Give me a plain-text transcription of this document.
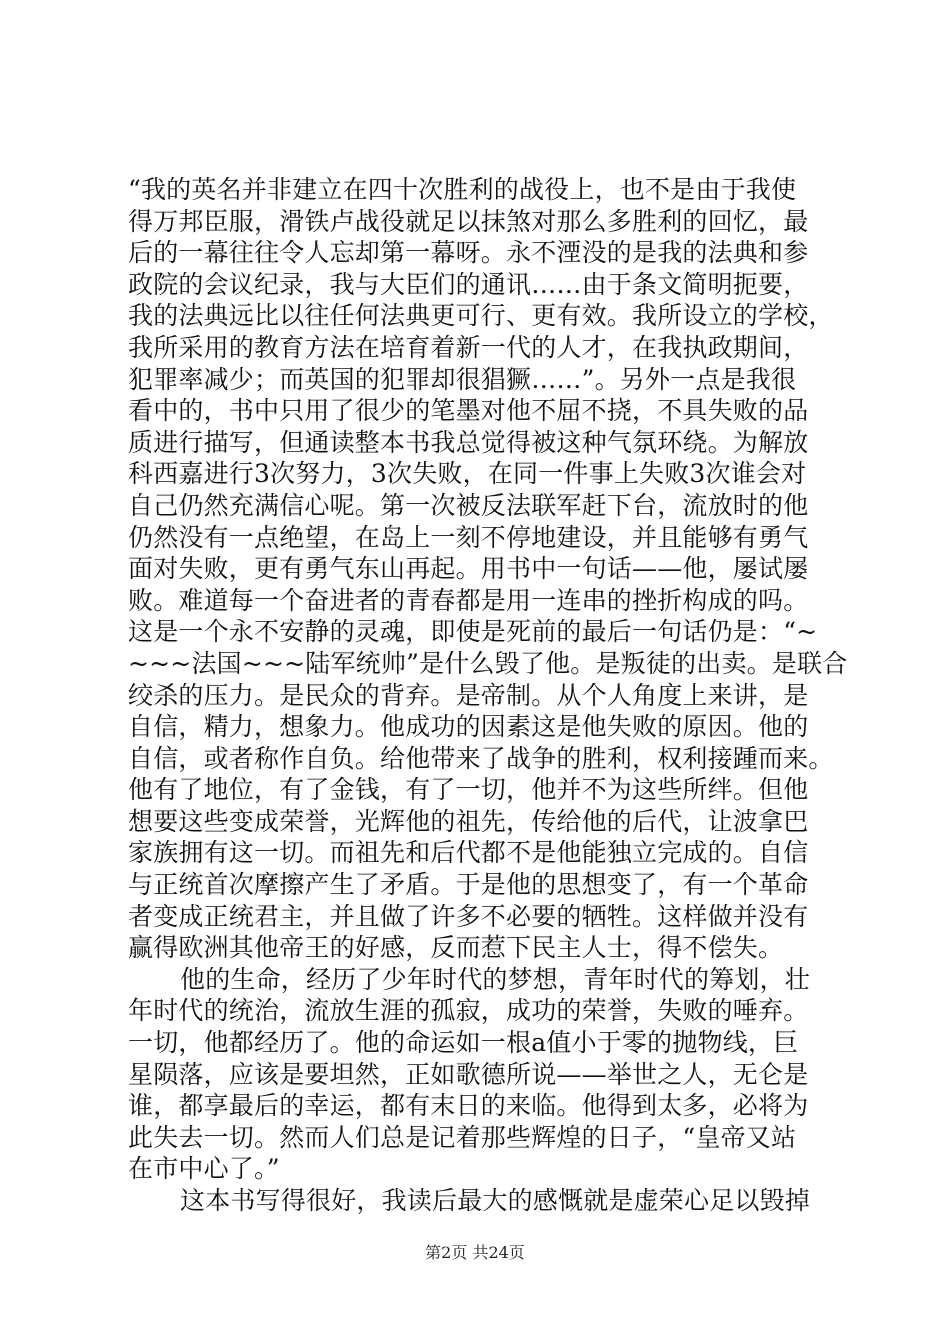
“我的英名并非建立在四十次胜利的战役上，也不是由于我使
得万邦臣服，滑铁卢战役就足以抹煞对那么多胜利的回忆，最
后的一幕往往令人忘却第一幕呀。永不湮没的是我的法典和参
政院的会议纪录，我与大臣们的通讯……由于条文简明扼要，
我的法典远比以往任何法典更可行、更有效。我所设立的学校，
我所采用的教育方法在培育着新一代的人才，在我执政期间，
犯罪率减少；而英国的犯罪却很猖獗……”。另外一点是我很
看中的，书中只用了很少的笔墨对他不屈不挠，不具失败的品
质进行描写，但通读整本书我总觉得被这种气氛环绕。为解放
科西嘉进行3次努力，3次失败，在同一件事上失败3次谁会对
自己仍然充满信心呢。第一次被反法联军赶下台，流放时的他
仍然没有一点绝望，在岛上一刻不停地建设，并且能够有勇气
面对失败，更有勇气东山再起。用书中一句话——他，屡试屡
败。难道每一个奋进者的青春都是用一连串的挫折构成的吗。
这是一个永不安静的灵魂，即使是死前的最后一句话仍是：“~
~~~法国~~~陆军统帅”是什么毁了他。是叛徒的出卖。是联合
绞杀的压力。是民众的背弃。是帝制。从个人角度上来讲，是
自信，精力，想象力。他成功的因素这是他失败的原因。他的
自信，或者称作自负。给他带来了战争的胜利，权利接踵而来。
他有了地位，有了金钱，有了一切，他并不为这些所绊。但他
想要这些变成荣誉，光辉他的祖先，传给他的后代，让波拿巴
家族拥有这一切。而祖先和后代都不是他能独立完成的。自信
与正统首次摩擦产生了矛盾。于是他的思想变了，有一个革命
者变成正统君主，并且做了许多不必要的牺牲。这样做并没有
赢得欧洲其他帝王的好感，反而惹下民主人士，得不偿失。
他的生命，经历了少年时代的梦想，青年时代的筹划，壮
年时代的统治，流放生涯的孤寂，成功的荣誉，失败的唾弃。
一切，他都经历了。他的命运如一根a值小于零的抛物线，巨
星陨落，应该是要坦然，正如歌德所说——举世之人，无仑是
谁，都享最后的幸运，都有末日的来临。他得到太多，必将为
此失去一切。然而人们总是记着那些辉煌的日子，“皇帝又站
在市中心了。”
这本书写得很好，我读后最大的感慨就是虚荣心足以毁掉
第2页 共24页
